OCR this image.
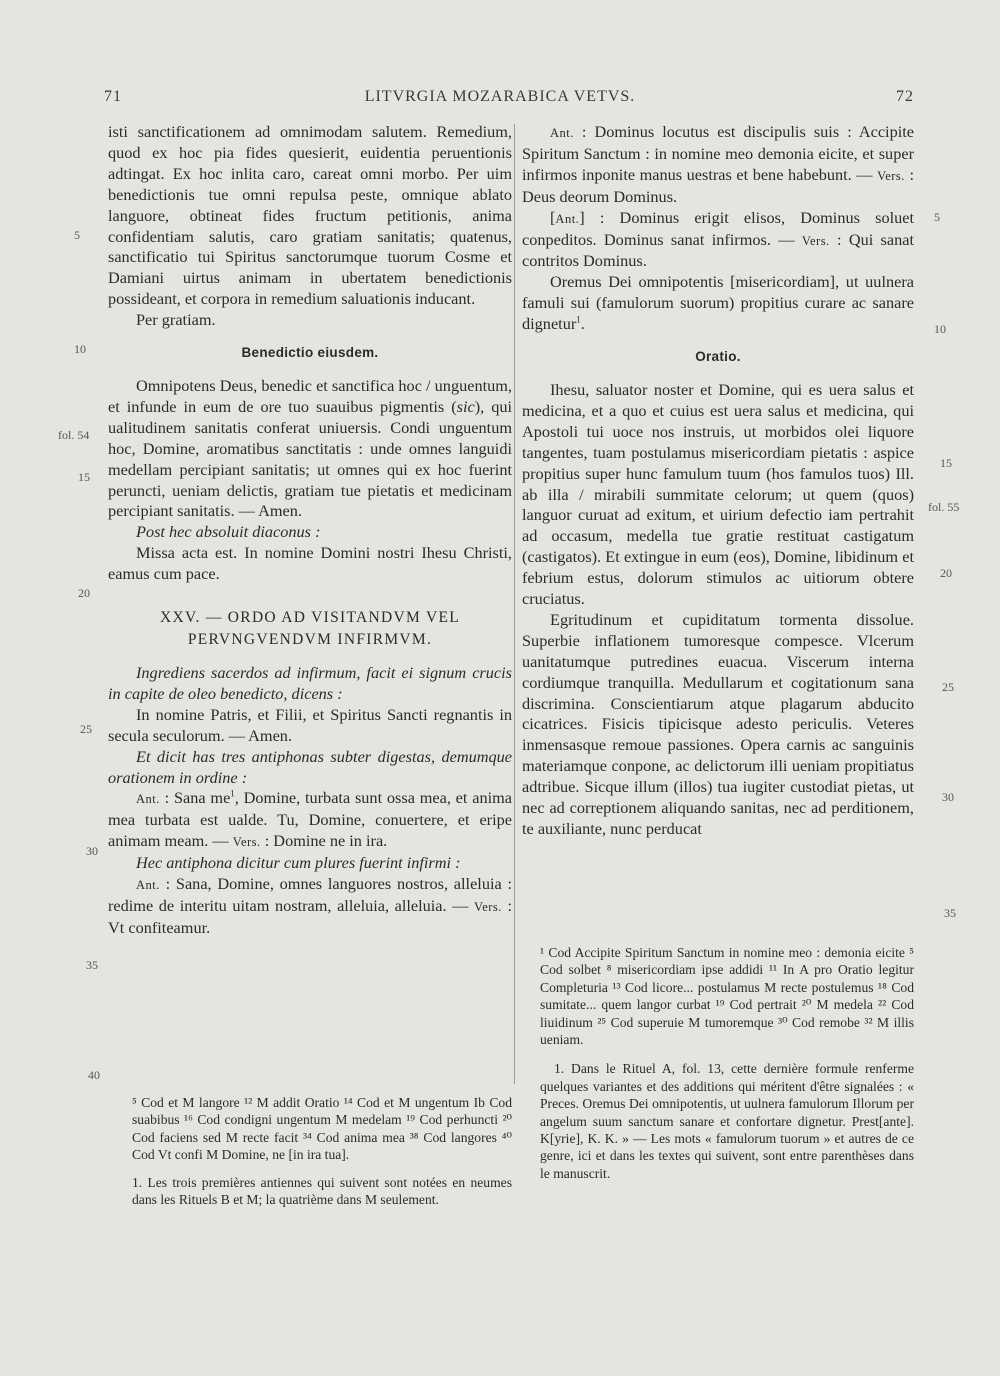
71	LITVRGIA MOZARABICA VETVS.	72
5
10
fol. 54
15
20
25
30
35
40
5
10
15
fol. 55
20
25
30
35

isti sanctificationem ad omnimodam salutem. Remedium, quod ex hoc pia fides quesierit, euidentia peruentionis adtingat. Ex hoc inlita caro, careat omni morbo. Per uim benedictionis tue omni repulsa peste, omnique ablato languore, obtineat fides fructum petitionis, anima confidentiam salutis, caro gratiam sanitatis; quatenus, sanctificatio tui Spiritus sanctorumque tuorum Cosme et Damiani uirtus animam in ubertatem benedictionis possideant, et corpora in remedium saluationis inducant.

Per gratiam.

Benedictio eiusdem.

Omnipotens Deus, benedic et sanctifica hoc / unguentum, et infunde in eum de ore tuo suauibus pigmentis (sic), qui ualitudinem sanitatis conferat uniuersis. Condi unguentum hoc, Domine, aromatibus sanctitatis : unde omnes languidi medellam percipiant sanitatis; ut omnes qui ex hoc fuerint peruncti, ueniam delictis, gratiam tue pietatis et medicinam percipiant sanitatis. — Amen.

Post hec absoluit diaconus :

Missa acta est. In nomine Domini nostri Ihesu Christi, eamus cum pace.

XXV. — ORDO AD VISITANDVM VEL

PERVNGVENDVM INFIRMVM.

Ingrediens sacerdos ad infirmum, facit ei signum crucis in capite de oleo benedicto, dicens :

In nomine Patris, et Filii, et Spiritus Sancti regnantis in secula seculorum. — Amen.

Et dicit has tres antiphonas subter digestas, demumque orationem in ordine :

Ant. : Sana $me^1$, Domine, turbata sunt ossa mea, et anima mea turbata est ualde. Tu, Domine, conuertere, et eripe animam meam. — Vers. : Domine ne in ira.

Hec antiphona dicitur cum plures fuerint infirmi :

Ant. : Sana, Domine, omnes languores nostros, alleluia : redime de interitu uitam nostram, alleluia, alleluia. — Vers. : Vt confiteamur.

⁵ Cod et M langore ¹² M addit Oratio ¹⁴ Cod et M ungentum Ib Cod suabibus ¹⁶ Cod condigni ungentum M medelam ¹⁹ Cod perhuncti ²⁰ Cod faciens sed M recte facit ³⁴ Cod anima mea ³⁸ Cod langores ⁴⁰ Cod Vt confi M Domine, ne [in ira tua].

1. Les trois premières antiennes qui suivent sont notées en neumes dans les Rituels B et M; la quatrième dans M seulement.

Ant. : Dominus locutus est discipulis suis : Accipite Spiritum Sanctum : in nomine meo demonia eicite, et super infirmos inponite manus uestras et bene habebunt. — Vers. : Deus deorum Dominus.

[Ant.] : Dominus erigit elisos, Dominus soluet conpeditos. Dominus sanat infirmos. — Vers. : Qui sanat contritos Dominus.

Oremus Dei omnipotentis [misericordiam], ut uulnera famuli sui (famulorum suorum) propitius curare ac sanare dignetur$^1$.

Oratio.

Ihesu, saluator noster et Domine, qui es uera salus et medicina, et a quo et cuius est uera salus et medicina, qui Apostoli tui uoce nos instruis, ut morbidos olei liquore tangentes, tuam postulamus misericordiam pietatis : aspice propitius super hunc famulum tuum (hos famulos tuos) Ill. ab illa / mirabili summitate celorum; ut quem (quos) languor curuat ad exitum, et uirium defectio iam pertrahit ad occasum, medella tue gratie restituat castigatum (castigatos). Et extingue in eum (eos), Domine, libidinum et febrium estus, dolorum stimulos ac uitiorum obtere cruciatus.

Egritudinum et cupiditatum tormenta dissolue. Superbie inflationem tumoresque compesce. Vlcerum uanitatumque putredines euacua. Viscerum interna cordiumque tranquilla. Medullarum et cogitationum sana discrimina. Conscientiarum atque plagarum abducito cicatrices. Fisicis tipicisque adesto periculis. Veteres inmensasque remoue passiones. Opera carnis ac sanguinis materiamque conpone, ac delictorum illi ueniam propitiatus adtribue. Sicque illum (illos) tua iugiter custodiat pietas, ut nec ad correptionem aliquando sanitas, nec ad perditionem, te auxiliante, nunc perducat

¹ Cod Accipite Spiritum Sanctum in nomine meo : demonia eicite ⁵ Cod solbet ⁸ misericordiam ipse addidi ¹¹ In A pro Oratio legitur Completuria ¹³ Cod licore... postulamus M recte postulemus ¹⁸ Cod sumitate... quem langor curbat ¹⁹ Cod pertrait ²⁰ M medela ²² Cod liuidinum ²⁵ Cod superuie M tumoremque ³⁰ Cod remobe ³² M illis ueniam.

1. Dans le Rituel A, fol. 13, cette dernière formule renferme quelques variantes et des additions qui méritent d'être signalées : « Preces. Oremus Dei omnipotentis, ut uulnera famulorum Illorum per angelum suum sanctum sanare et confortare dignetur. Prest[ante]. K[yrie], K. K. » — Les mots « famulorum tuorum » et autres de ce genre, ici et dans les textes qui suivent, sont entre parenthèses dans le manuscrit.
